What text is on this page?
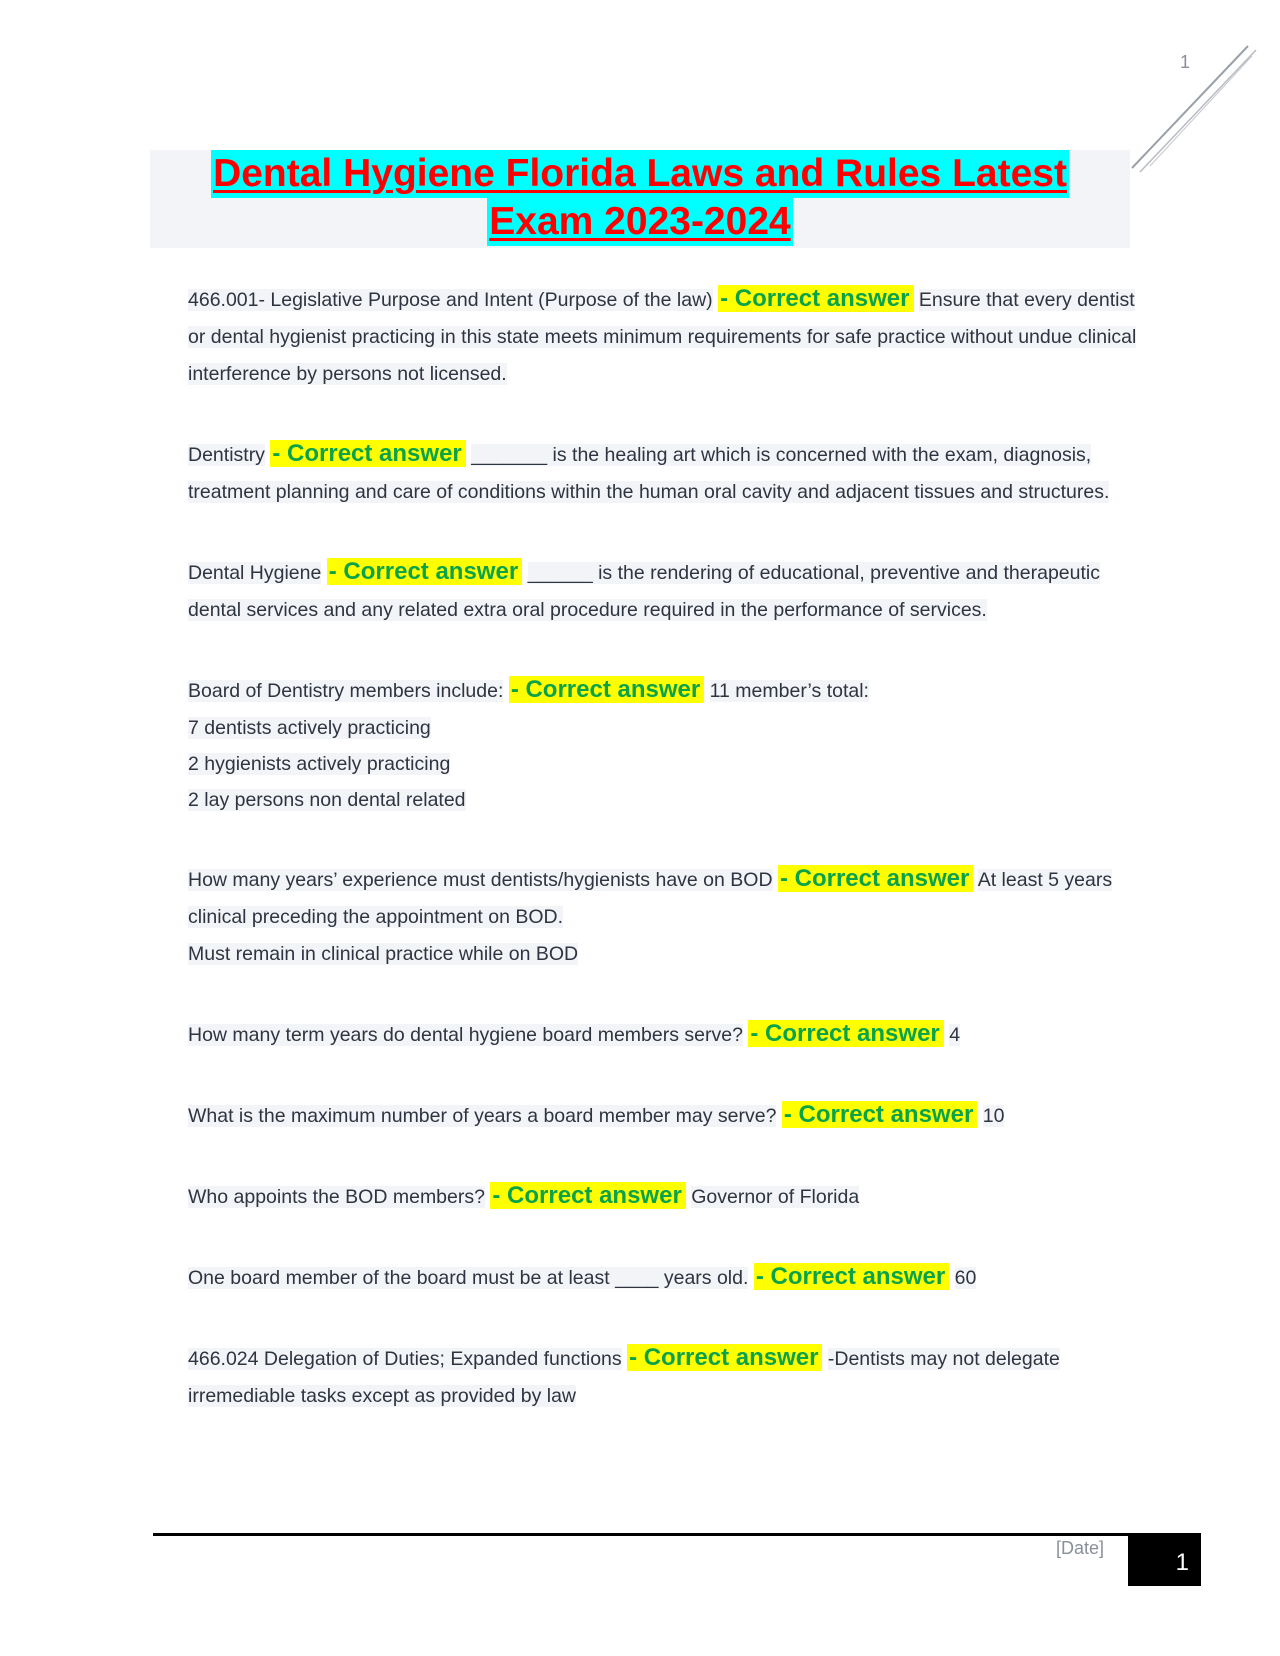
1
Dental Hygiene Florida Laws and Rules Latest
Exam 2023-2024
466.001- Legislative Purpose and Intent (Purpose of the law) - Correct answer Ensure that every dentist or dental hygienist practicing in this state meets minimum requirements for safe practice without undue clinical interference by persons not licensed.
Dentistry - Correct answer _______ is the healing art which is concerned with the exam, diagnosis, treatment planning and care of conditions within the human oral cavity and adjacent tissues and structures.
Dental Hygiene - Correct answer ______ is the rendering of educational, preventive and therapeutic dental services and any related extra oral procedure required in the performance of services.
Board of Dentistry members include: - Correct answer 11 member’s total:
7 dentists actively practicing
2 hygienists actively practicing
2 lay persons non dental related
How many years’ experience must dentists/hygienists have on BOD - Correct answer At least 5 years clinical preceding the appointment on BOD.
Must remain in clinical practice while on BOD
How many term years do dental hygiene board members serve? - Correct answer 4
What is the maximum number of years a board member may serve? - Correct answer 10
Who appoints the BOD members? - Correct answer Governor of Florida
One board member of the board must be at least ____ years old. - Correct answer 60
466.024 Delegation of Duties; Expanded functions - Correct answer -Dentists may not delegate irremediable tasks except as provided by law
[Date]
1
